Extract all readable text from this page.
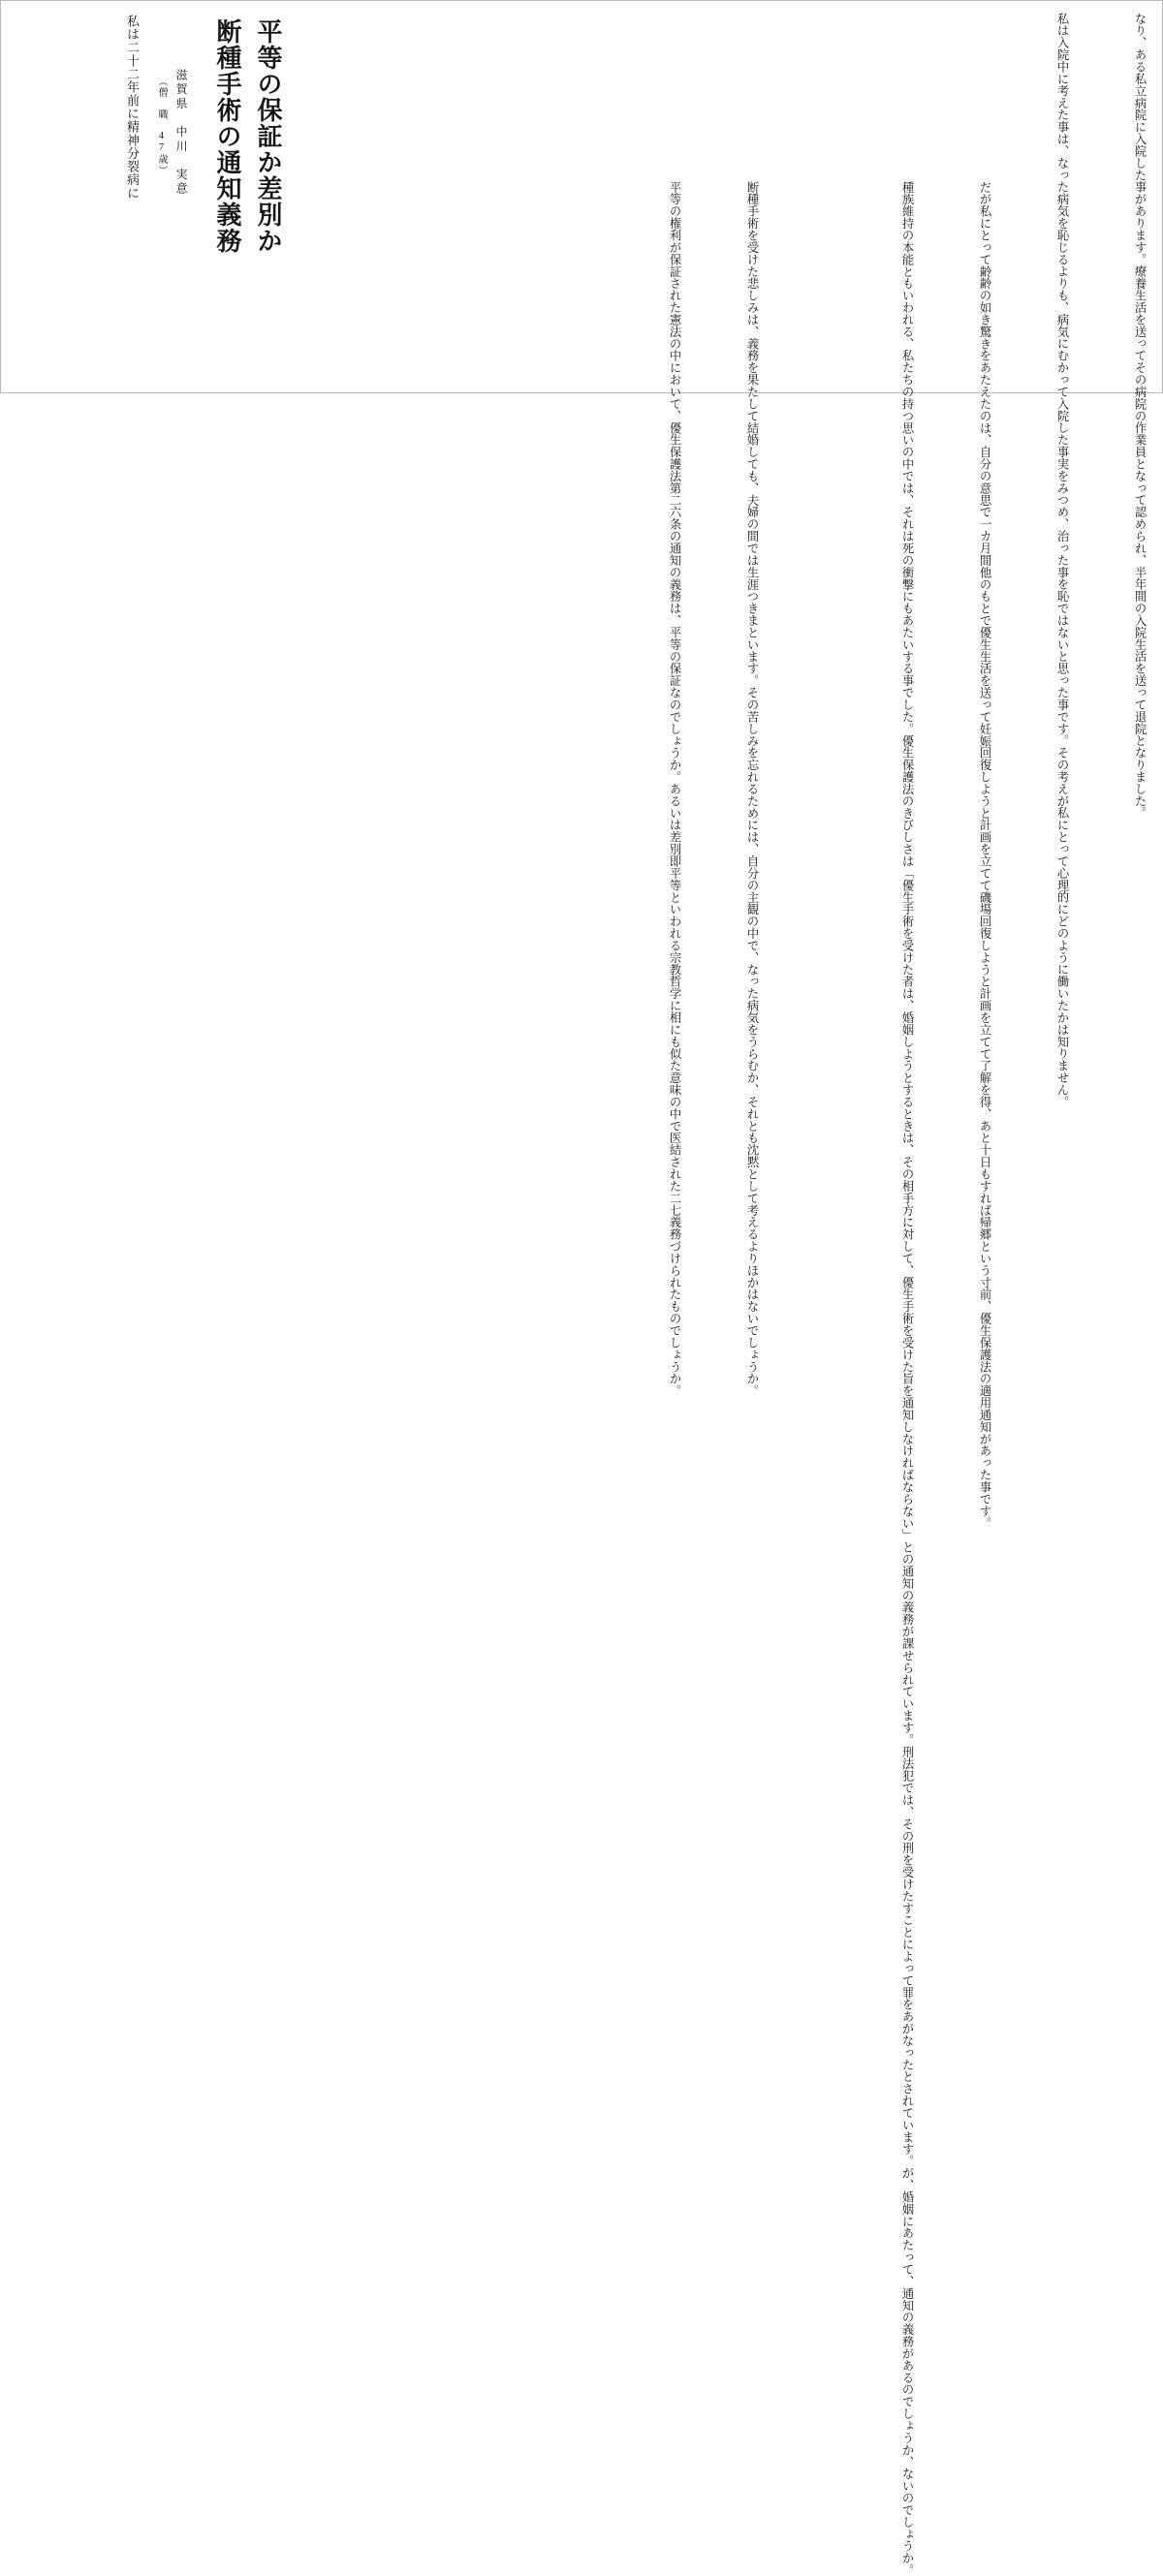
平等の保証か差別か
断種手術の通知義務
滋賀県　中川　実意
（僧　職　47歳）
私は二十二年前に精神分裂病に	なり、ある私立病院に入院した事があります。療養生活を送ってその病院の作業員となって認められ、半年間の入院生活を送って退院となりました。
私は入院中に考えた事は、なった病気を恥じるよりも、病気にむかって入院した事実をみつめ、治った事を恥ではないと思った事です。その考えが私にとって心理的にどのように働いたかは知りません。
だが私にとって齢齢の如き驚きをあたえたのは、自分の意思で一カ月間他のもとで優生生活を送って妊娠回復しようと計画を立てて磯場回復しようと計画を立てて了解を得、あと十日もすれば帰郷という寸前、優生保護法の適用通知があった事です。
種族維持の本能ともいわれる、私たちの持つ思いの中では、それは死の衝撃にもあたいする事でした。優生保護法のきびしさは「優生手術を受けた者は、婚姻しようとするときは、その相手方に対して、優生手術を受けた旨を通知しなければならない」との通知の義務が課せられています。刑法犯では、その刑を受けたすことによって罪をあがなったとされています。が、婚姻にあたって、通知の義務があるのでしょうか、ないのでしょうか。
断種手術を受けた悲しみは、義務を果たして結婚しても、夫婦の間では生涯つきまといます。その苦しみを忘れるためには、自分の主観の中で、なった病気をうらむか、それとも沈黙として考えるよりほかはないでしょうか。
平等の権利が保証された憲法の中において、優生保護法第二六条の通知の義務は、平等の保証なのでしょうか。あるいは差別即平等といわれる宗教哲学に相にも似た意味の中で医結された二七義務づけられたものでしょうか。
